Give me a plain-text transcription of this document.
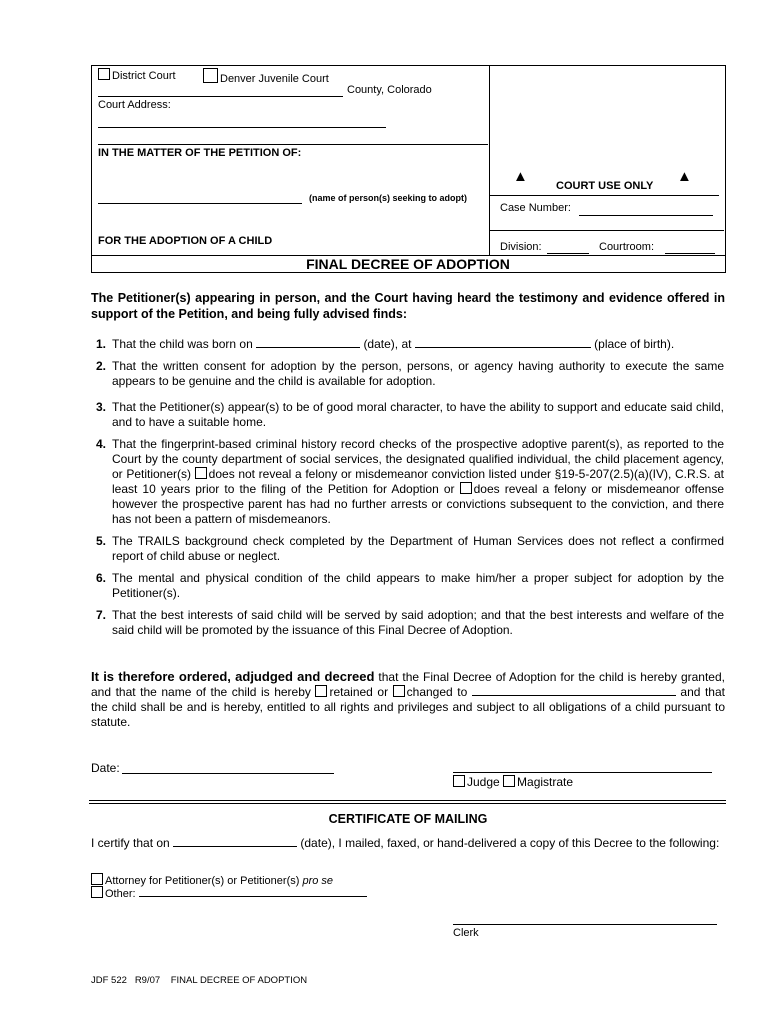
District Court	Denver Juvenile Court
County, Colorado
Court Address:
IN THE MATTER OF THE PETITION OF:
(name of person(s) seeking to adopt)
FOR THE ADOPTION OF A CHILD
▲	▲
COURT USE ONLY
Case Number:
Division:	Courtroom:
FINAL DECREE OF ADOPTION
The Petitioner(s) appearing in person, and the Court having heard the testimony and evidence offered in support of the Petition, and being fully advised finds:
1. That the child was born on	(date), at	(place of birth).
2. That the written consent for adoption by the person, persons, or agency having authority to execute the same appears to be genuine and the child is available for adoption.
3. That the Petitioner(s) appear(s) to be of good moral character, to have the ability to support and educate said child, and to have a suitable home.
4. That the fingerprint-based criminal history record checks of the prospective adoptive parent(s), as reported to the Court by the county department of social services, the designated qualified individual, the child placement agency, or Petitioner(s) does not reveal a felony or misdemeanor conviction listed under §19-5-207(2.5)(a)(IV), C.R.S. at least 10 years prior to the filing of the Petition for Adoption or does reveal a felony or misdemeanor offense however the prospective parent has had no further arrests or convictions subsequent to the conviction, and there has not been a pattern of misdemeanors.
5. The TRAILS background check completed by the Department of Human Services does not reflect a confirmed report of child abuse or neglect.
6. The mental and physical condition of the child appears to make him/her a proper subject for adoption by the Petitioner(s).
7. That the best interests of said child will be served by said adoption; and that the best interests and welfare of the said child will be promoted by the issuance of this Final Decree of Adoption.
It is therefore ordered, adjudged and decreed that the Final Decree of Adoption for the child is hereby granted, and that the name of the child is hereby retained or changed to	and that the child shall be and is hereby, entitled to all rights and privileges and subject to all obligations of a child pursuant to statute.
Date:
Judge Magistrate
CERTIFICATE OF MAILING
I certify that on	(date), I mailed, faxed, or hand-delivered a copy of this Decree to the following:
Attorney for Petitioner(s) or Petitioner(s) pro se
Other:
Clerk
JDF 522   R9/07    FINAL DECREE OF ADOPTION
